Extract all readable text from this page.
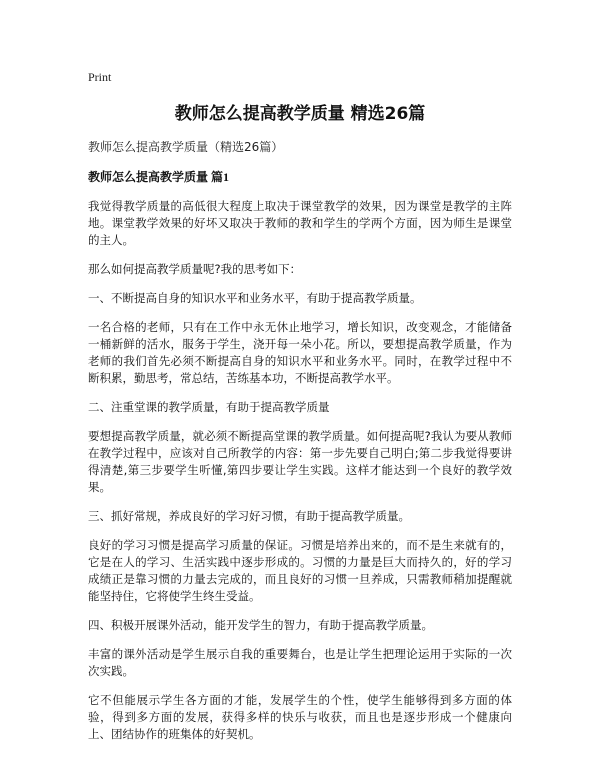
Print
教师怎么提高教学质量 精选26篇
教师怎么提高教学质量（精选26篇）
教师怎么提高教学质量 篇1
我觉得教学质量的高低很大程度上取决于课堂教学的效果，因为课堂是教学的主阵地。课堂教学效果的好坏又取决于教师的教和学生的学两个方面，因为师生是课堂的主人。
那么如何提高教学质量呢?我的思考如下：
一、不断提高自身的知识水平和业务水平，有助于提高教学质量。
一名合格的老师，只有在工作中永无休止地学习，增长知识，改变观念，才能储备一桶新鲜的活水，服务于学生，浇开每一朵小花。所以，要想提高教学质量，作为老师的我们首先必须不断提高自身的知识水平和业务水平。同时，在教学过程中不断积累，勤思考，常总结，苦练基本功，不断提高教学水平。
二、注重堂课的教学质量，有助于提高教学质量
要想提高教学质量，就必须不断提高堂课的教学质量。如何提高呢?我认为要从教师在教学过程中，应该对自己所教学的内容：第一步先要自己明白;第二步我觉得要讲得清楚,第三步要学生听懂,第四步要让学生实践。这样才能达到一个良好的教学效果。
三、抓好常规，养成良好的学习好习惯，有助于提高教学质量。
良好的学习习惯是提高学习质量的保证。习惯是培养出来的，而不是生来就有的，它是在人的学习、生活实践中逐步形成的。习惯的力量是巨大而持久的，好的学习成绩正是靠习惯的力量去完成的，而且良好的习惯一旦养成，只需教师稍加提醒就能坚持住，它将使学生终生受益。
四、积极开展课外活动，能开发学生的智力，有助于提高教学质量。
丰富的课外活动是学生展示自我的重要舞台，也是让学生把理论运用于实际的一次次实践。
它不但能展示学生各方面的才能，发展学生的个性，使学生能够得到多方面的体验，得到多方面的发展，获得多样的快乐与收获，而且也是逐步形成一个健康向上、团结协作的班集体的好契机。
